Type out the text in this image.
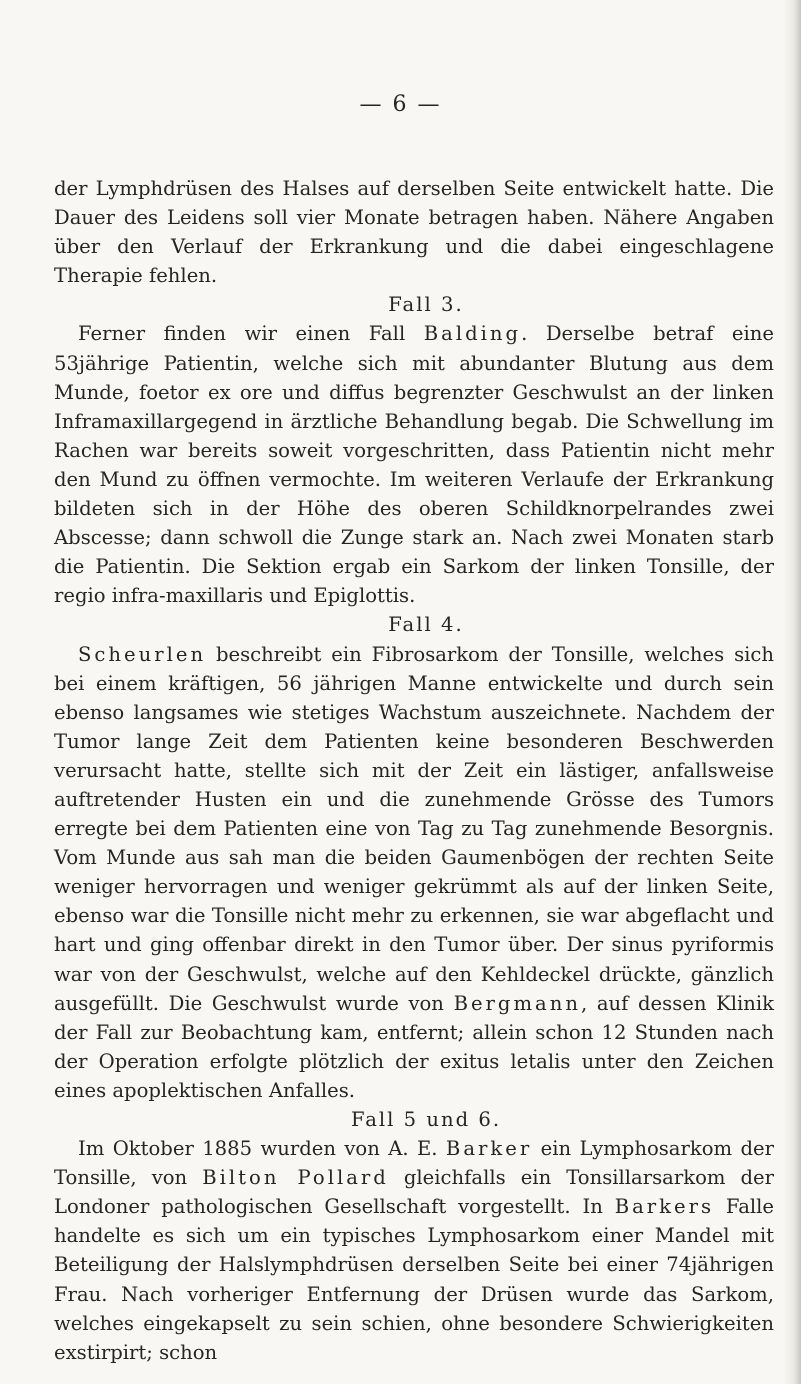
— 6 —

der Lymphdrüsen des Halses auf derselben Seite entwickelt hatte. Die Dauer des Leidens soll vier Monate betragen haben. Nähere Angaben über den Verlauf der Erkrankung und die dabei eingeschlagene Therapie fehlen.

Fall 3.

Ferner finden wir einen Fall Balding. Derselbe betraf eine 53jährige Patientin, welche sich mit abundanter Blutung aus dem Munde, foetor ex ore und diffus begrenzter Geschwulst an der linken Inframaxillargegend in ärztliche Behandlung begab. Die Schwellung im Rachen war bereits soweit vorgeschritten, dass Patientin nicht mehr den Mund zu öffnen vermochte. Im weiteren Verlaufe der Erkrankung bildeten sich in der Höhe des oberen Schildknorpelrandes zwei Abscesse; dann schwoll die Zunge stark an. Nach zwei Monaten starb die Patientin. Die Sektion ergab ein Sarkom der linken Tonsille, der regio infra-maxillaris und Epiglottis.

Fall 4.

Scheurlen beschreibt ein Fibrosarkom der Tonsille, welches sich bei einem kräftigen, 56 jährigen Manne entwickelte und durch sein ebenso langsames wie stetiges Wachstum auszeichnete. Nachdem der Tumor lange Zeit dem Patienten keine besonderen Beschwerden verursacht hatte, stellte sich mit der Zeit ein lästiger, anfallsweise auftretender Husten ein und die zunehmende Grösse des Tumors erregte bei dem Patienten eine von Tag zu Tag zunehmende Besorgnis. Vom Munde aus sah man die beiden Gaumenbögen der rechten Seite weniger hervorragen und weniger gekrümmt als auf der linken Seite, ebenso war die Tonsille nicht mehr zu erkennen, sie war abgeflacht und hart und ging offenbar direkt in den Tumor über. Der sinus pyriformis war von der Geschwulst, welche auf den Kehldeckel drückte, gänzlich ausgefüllt. Die Geschwulst wurde von Bergmann, auf dessen Klinik der Fall zur Beobachtung kam, entfernt; allein schon 12 Stunden nach der Operation erfolgte plötzlich der exitus letalis unter den Zeichen eines apoplektischen Anfalles.

Fall 5 und 6.

Im Oktober 1885 wurden von A. E. Barker ein Lymphosarkom der Tonsille, von Bilton Pollard gleichfalls ein Tonsillarsarkom der Londoner pathologischen Gesellschaft vorgestellt. In Barkers Falle handelte es sich um ein typisches Lymphosarkom einer Mandel mit Beteiligung der Halslymphdrüsen derselben Seite bei einer 74jährigen Frau. Nach vorheriger Entfernung der Drüsen wurde das Sarkom, welches eingekapselt zu sein schien, ohne besondere Schwierigkeiten exstirpirt; schon
